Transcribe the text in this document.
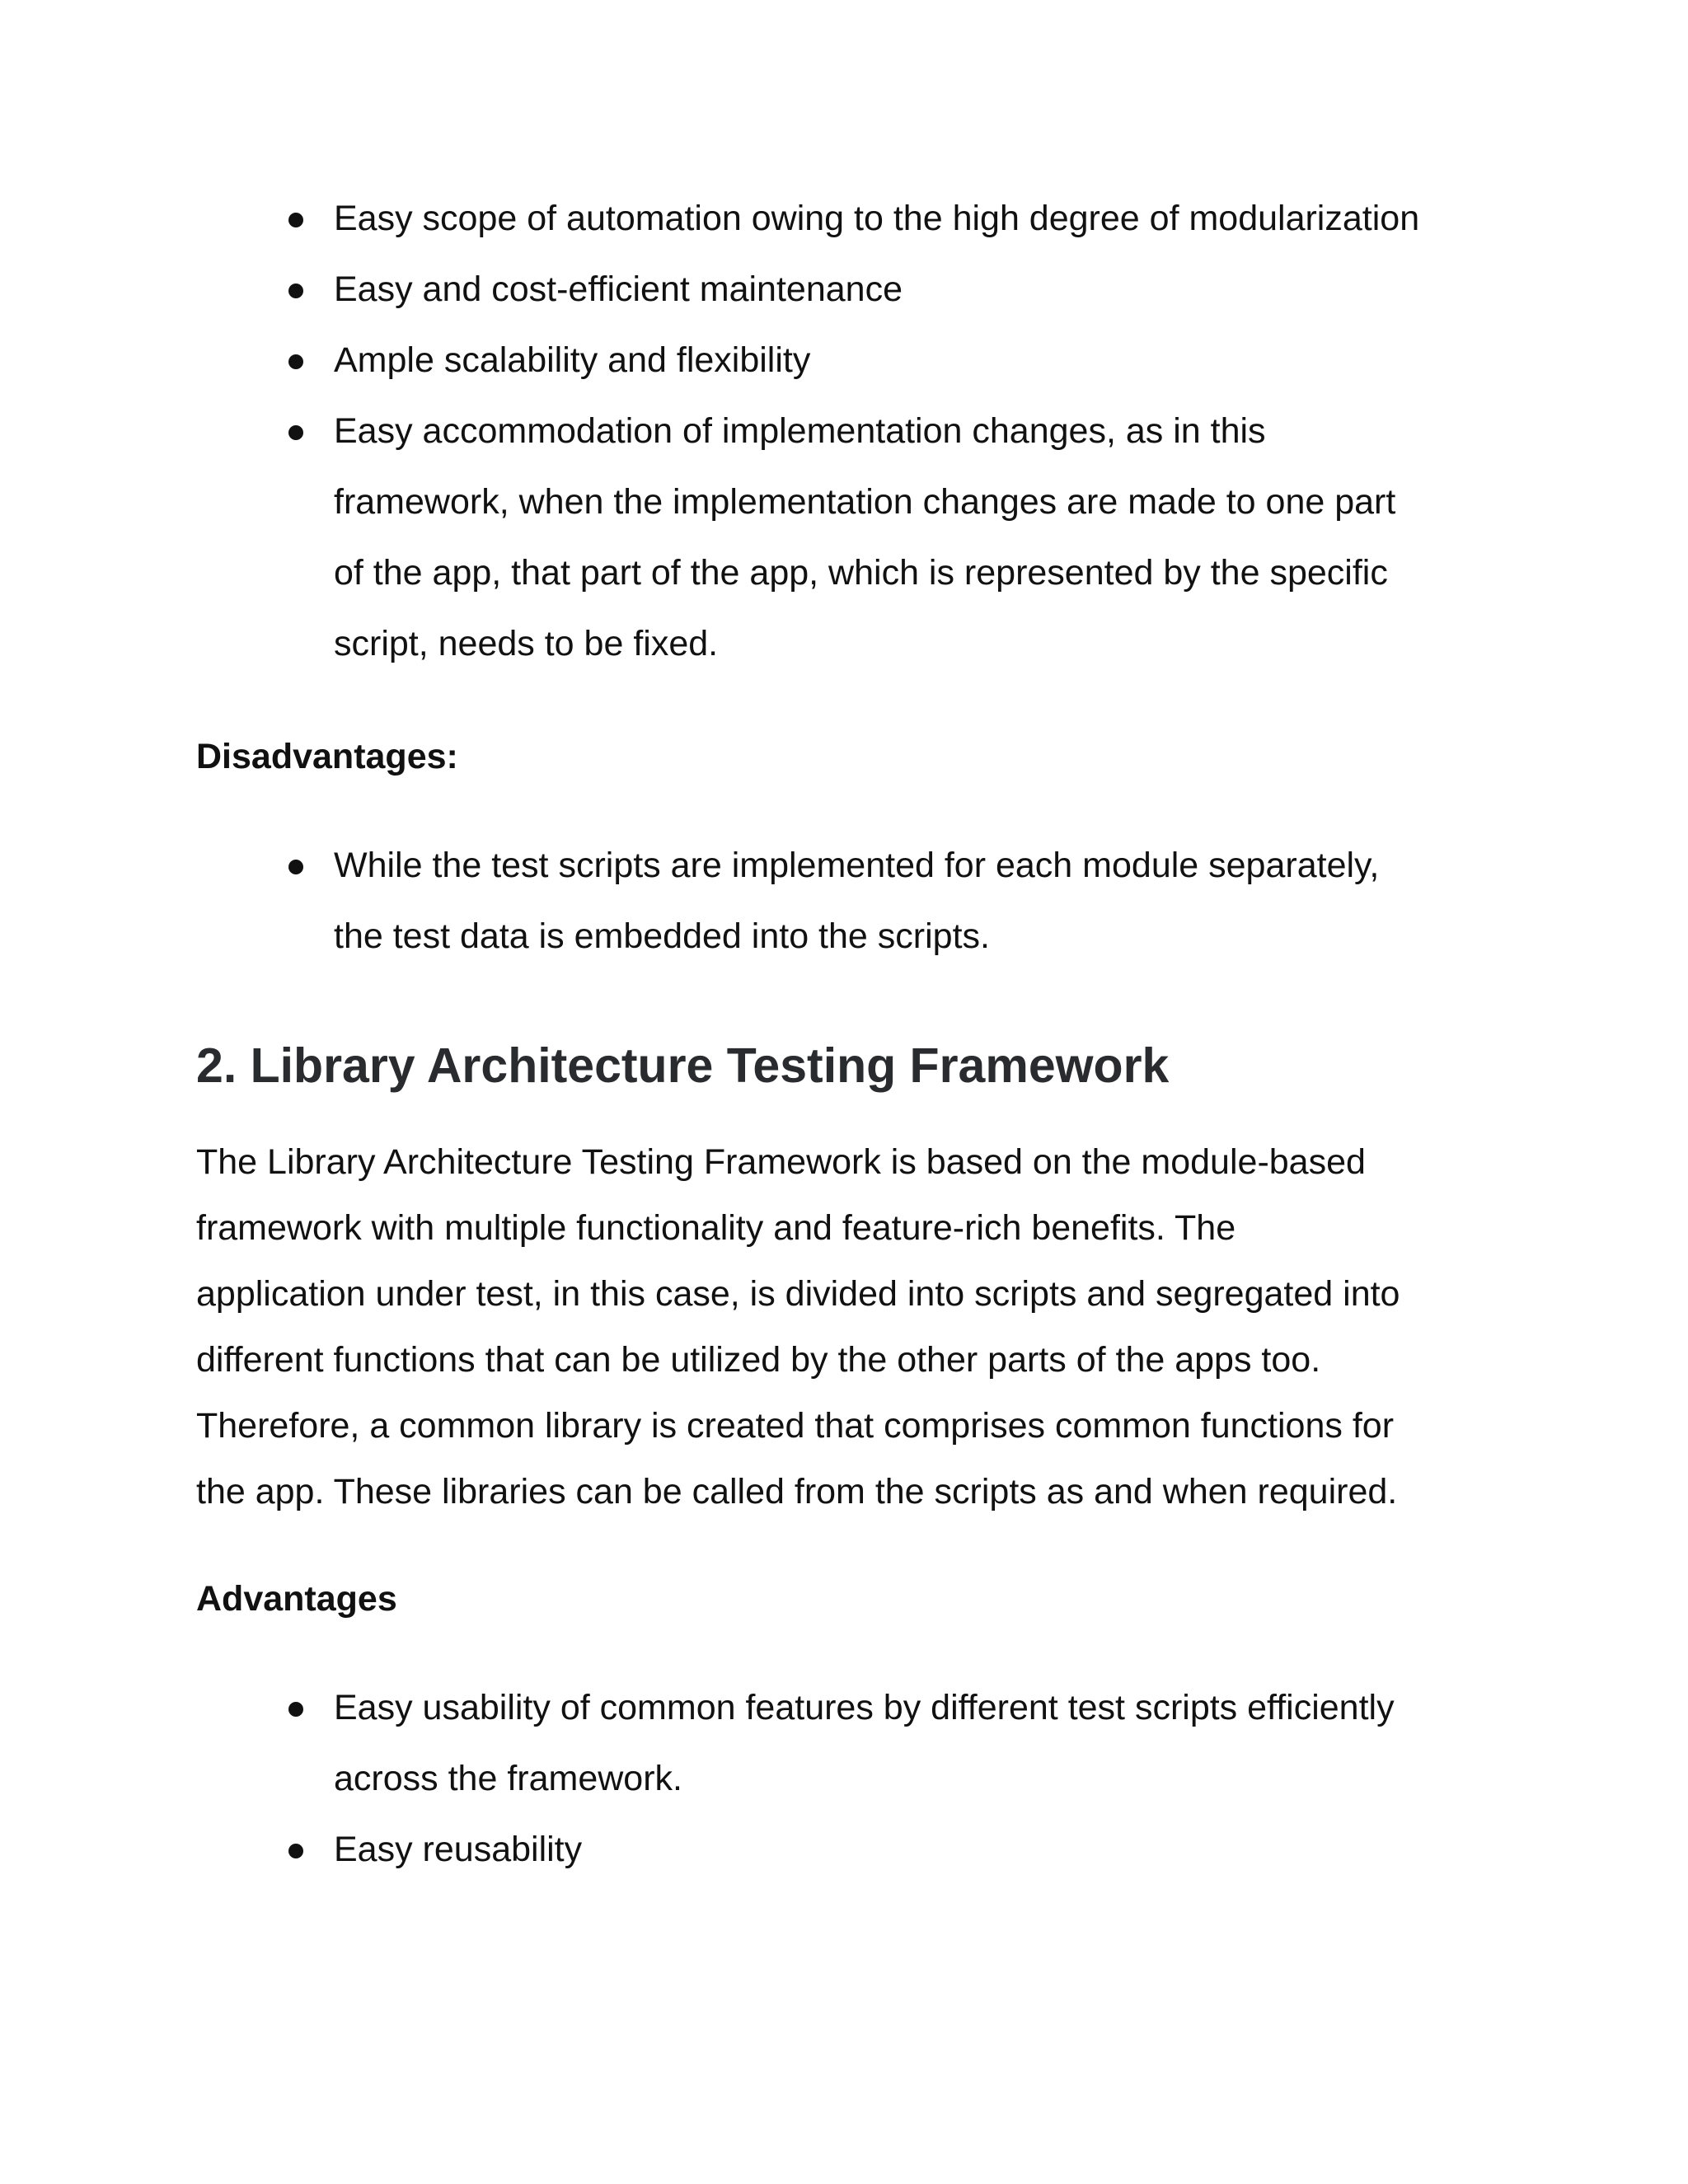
Easy scope of automation owing to the high degree of modularization
Easy and cost-efficient maintenance
Ample scalability and flexibility
Easy accommodation of implementation changes, as in this
framework, when the implementation changes are made to one part
of the app, that part of the app, which is represented by the specific
script, needs to be fixed.
Disadvantages:
While the test scripts are implemented for each module separately,
the test data is embedded into the scripts.
2. Library Architecture Testing Framework
The Library Architecture Testing Framework is based on the module-based
framework with multiple functionality and feature-rich benefits. The
application under test, in this case, is divided into scripts and segregated into
different functions that can be utilized by the other parts of the apps too.
Therefore, a common library is created that comprises common functions for
the app. These libraries can be called from the scripts as and when required.
Advantages
Easy usability of common features by different test scripts efficiently
across the framework.
Easy reusability
